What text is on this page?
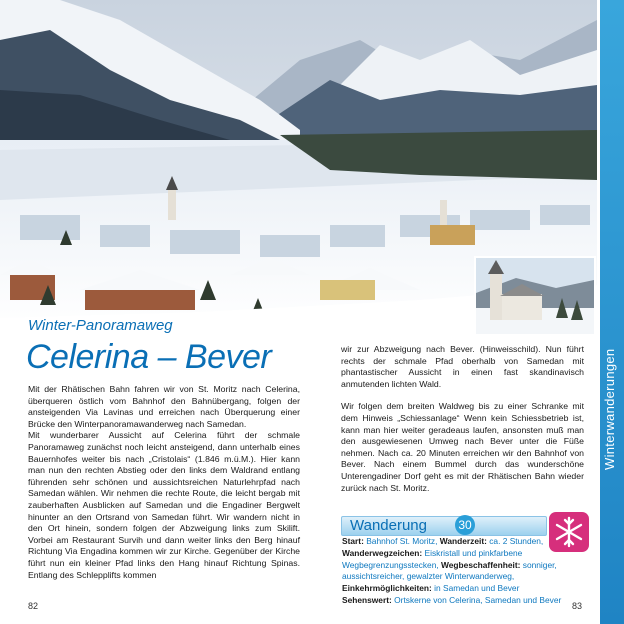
Winterwanderungen
Winter-Panoramaweg
Celerina – Bever

Mit der Rhätischen Bahn fahren wir von St. Moritz nach Celerina, überqueren östlich vom Bahnhof den Bahnübergang, folgen der ansteigenden Via Lavinas und erreichen nach Überquerung einer Brücke den Winterpanoramawanderweg nach Samedan.

Mit wunderbarer Aussicht auf Celerina führt der schmale Panoramaweg zunächst noch leicht ansteigend, dann unterhalb eines Bauernhofes weiter bis nach „Cristolais“ (1.846 m.ü.M.). Hier kann man nun den rechten Abstieg oder den links dem Waldrand entlang führenden sehr schönen und aussichtsreichen Naturlehrpfad nach Samedan wählen. Wir nehmen die rechte Route, die leicht bergab mit zauberhaften Ausblicken auf Samedan und die Engadiner Bergwelt hinunter an den Ortsrand von Samedan führt. Wir wandern nicht in den Ort hinein, sondern folgen der Abzweigung links zum Skilift. Vorbei am Restaurant Survih und dann weiter links den Berg hinauf Richtung Via Engadina kommen wir zur Kirche. Gegenüber der Kirche führt nun ein kleiner Pfad links den Hang hinauf Richtung Spinas. Entlang des Schlepplifts kommen

wir zur Abzweigung nach Bever. (Hinweisschild). Nun führt rechts der schmale Pfad oberhalb von Samedan mit phantastischer Aussicht in einen fast skandinavisch anmutenden lichten Wald.

Wir folgen dem breiten Waldweg bis zu einer Schranke mit dem Hinweis „Schiessanlage“ Wenn kein Schiessbetrieb ist, kann man hier weiter geradeaus laufen, ansonsten muß man den ausgewiesenen Umweg nach Bever unter die Füße nehmen. Nach ca. 20 Minuten erreichen wir den Bahnhof von Bever. Nach einem Bummel durch das wunderschöne Unterengadiner Dorf geht es mit der Rhätischen Bahn wieder zurück nach St. Moritz.

Wanderung	30
Start: Bahnhof St. Moritz, Wanderzeit: ca. 2 Stunden,
Wanderwegzeichen: Eiskristall und pinkfarbene Wegbegrenzungsstecken, Wegbeschaffenheit: sonniger, aussichtsreicher, gewalzter Winterwanderweg,
Einkehrmöglichkeiten: in Samedan und Bever
Sehenswert: Ortskerne von Celerina, Samedan und Bever
82	83
